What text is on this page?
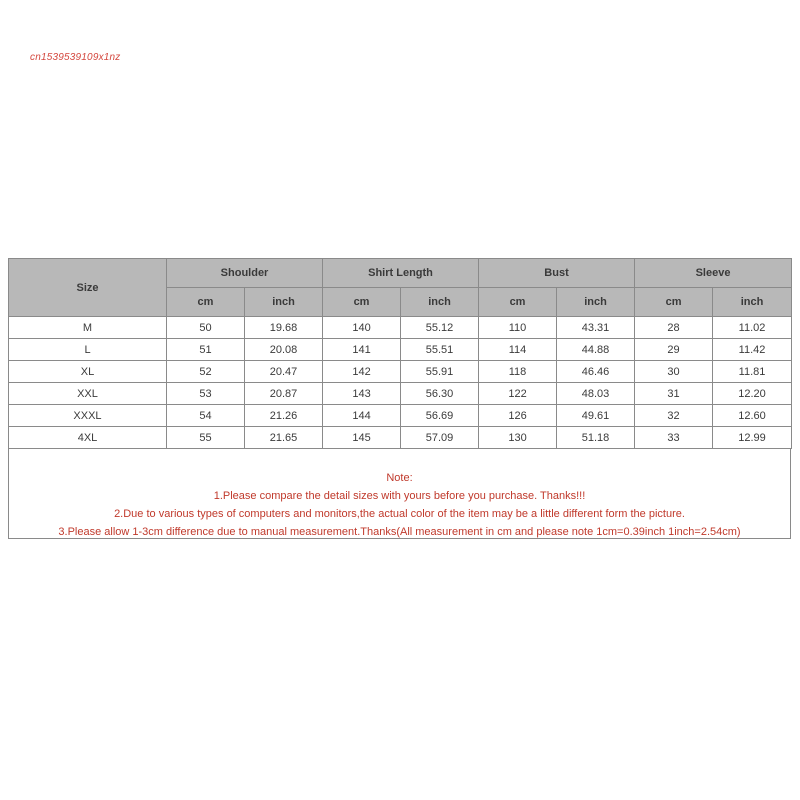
cn1539539109x1nz
Size	Shoulder		Shirt Length		Bust		Sleeve	
	cm	inch	cm	inch	cm	inch	cm	inch
M	50	19.68	140	55.12	110	43.31	28	11.02
L	51	20.08	141	55.51	114	44.88	29	11.42
XL	52	20.47	142	55.91	118	46.46	30	11.81
XXL	53	20.87	143	56.30	122	48.03	31	12.20
XXXL	54	21.26	144	56.69	126	49.61	32	12.60
4XL	55	21.65	145	57.09	130	51.18	33	12.99
Note:
1.Please compare the detail sizes with yours before you purchase. Thanks!!!
2.Due to various types of computers and monitors,the actual color of the item may be a little different form the picture.
3.Please allow 1-3cm difference due to manual measurement.Thanks(All measurement in cm and please note 1cm=0.39inch 1inch=2.54cm)
